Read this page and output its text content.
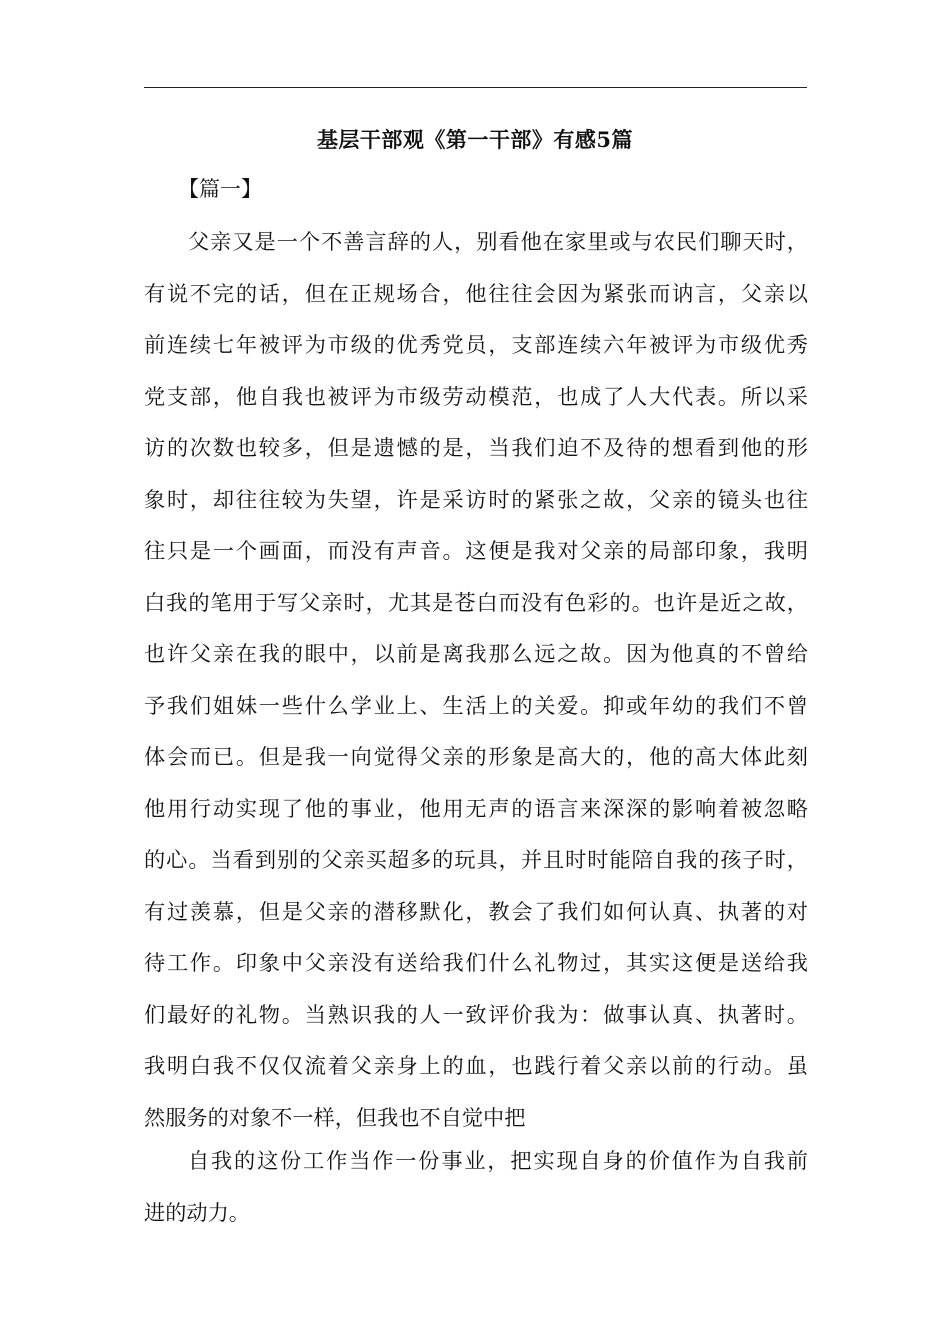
基层干部观《第一干部》有感5篇
【篇一】
父亲又是一个不善言辞的人，别看他在家里或与农民们聊天时，
有说不完的话，但在正规场合，他往往会因为紧张而讷言，父亲以
前连续七年被评为市级的优秀党员，支部连续六年被评为市级优秀
党支部，他自我也被评为市级劳动模范，也成了人大代表。所以采
访的次数也较多，但是遗憾的是，当我们迫不及待的想看到他的形
象时，却往往较为失望，许是采访时的紧张之故，父亲的镜头也往
往只是一个画面，而没有声音。这便是我对父亲的局部印象，我明
白我的笔用于写父亲时，尤其是苍白而没有色彩的。也许是近之故，
也许父亲在我的眼中，以前是离我那么远之故。因为他真的不曾给
予我们姐妹一些什么学业上、生活上的关爱。抑或年幼的我们不曾
体会而已。但是我一向觉得父亲的形象是高大的，他的高大体此刻
他用行动实现了他的事业，他用无声的语言来深深的影响着被忽略
的心。当看到别的父亲买超多的玩具，并且时时能陪自我的孩子时，
有过羡慕，但是父亲的潜移默化，教会了我们如何认真、执著的对
待工作。印象中父亲没有送给我们什么礼物过，其实这便是送给我
们最好的礼物。当熟识我的人一致评价我为：做事认真、执著时。
我明白我不仅仅流着父亲身上的血，也践行着父亲以前的行动。虽
然服务的对象不一样，但我也不自觉中把
自我的这份工作当作一份事业，把实现自身的价值作为自我前
进的动力。
